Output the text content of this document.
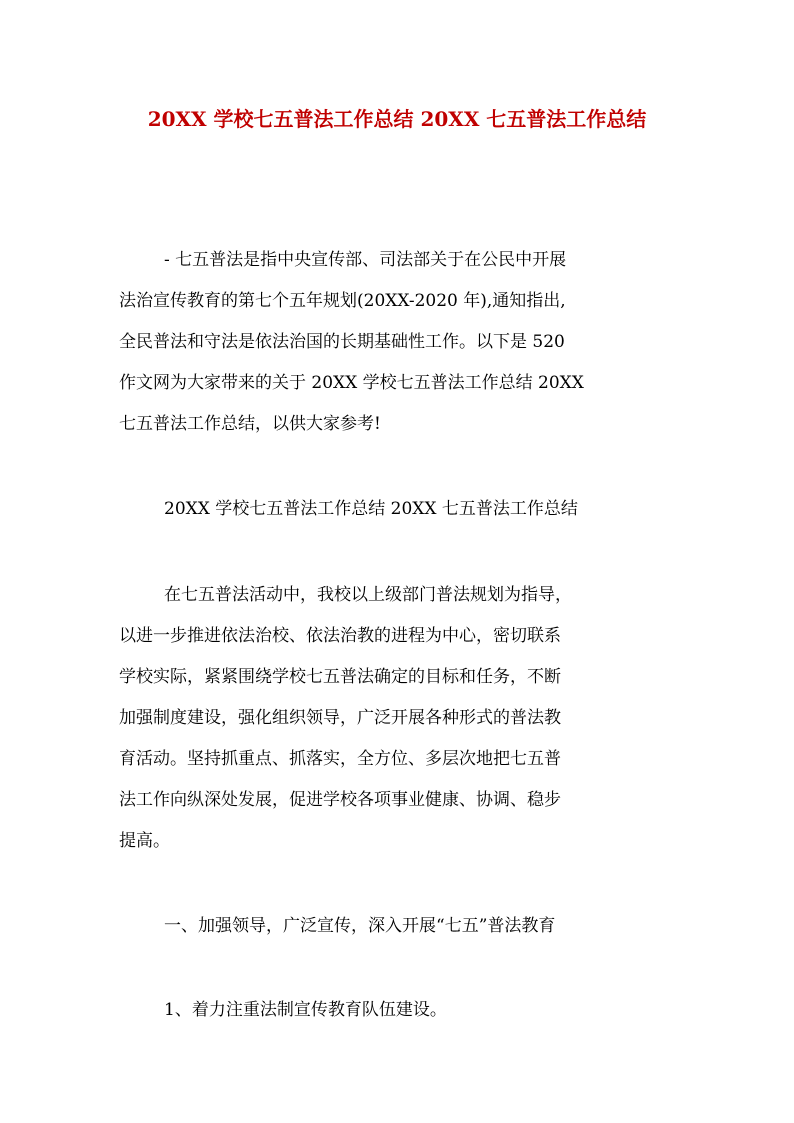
20XX 学校七五普法工作总结 20XX 七五普法工作总结
- 七五普法是指中央宣传部、司法部关于在公民中开展
法治宣传教育的第七个五年规划(20XX-2020 年),通知指出,
全民普法和守法是依法治国的长期基础性工作。以下是 520
作文网为大家带来的关于 20XX 学校七五普法工作总结 20XX
七五普法工作总结，以供大家参考!
20XX 学校七五普法工作总结 20XX 七五普法工作总结
在七五普法活动中，我校以上级部门普法规划为指导，
以进一步推进依法治校、依法治教的进程为中心，密切联系
学校实际，紧紧围绕学校七五普法确定的目标和任务，不断
加强制度建设，强化组织领导，广泛开展各种形式的普法教
育活动。坚持抓重点、抓落实，全方位、多层次地把七五普
法工作向纵深处发展，促进学校各项事业健康、协调、稳步
提高。
一、加强领导，广泛宣传，深入开展“七五”普法教育
1、着力注重法制宣传教育队伍建设。
